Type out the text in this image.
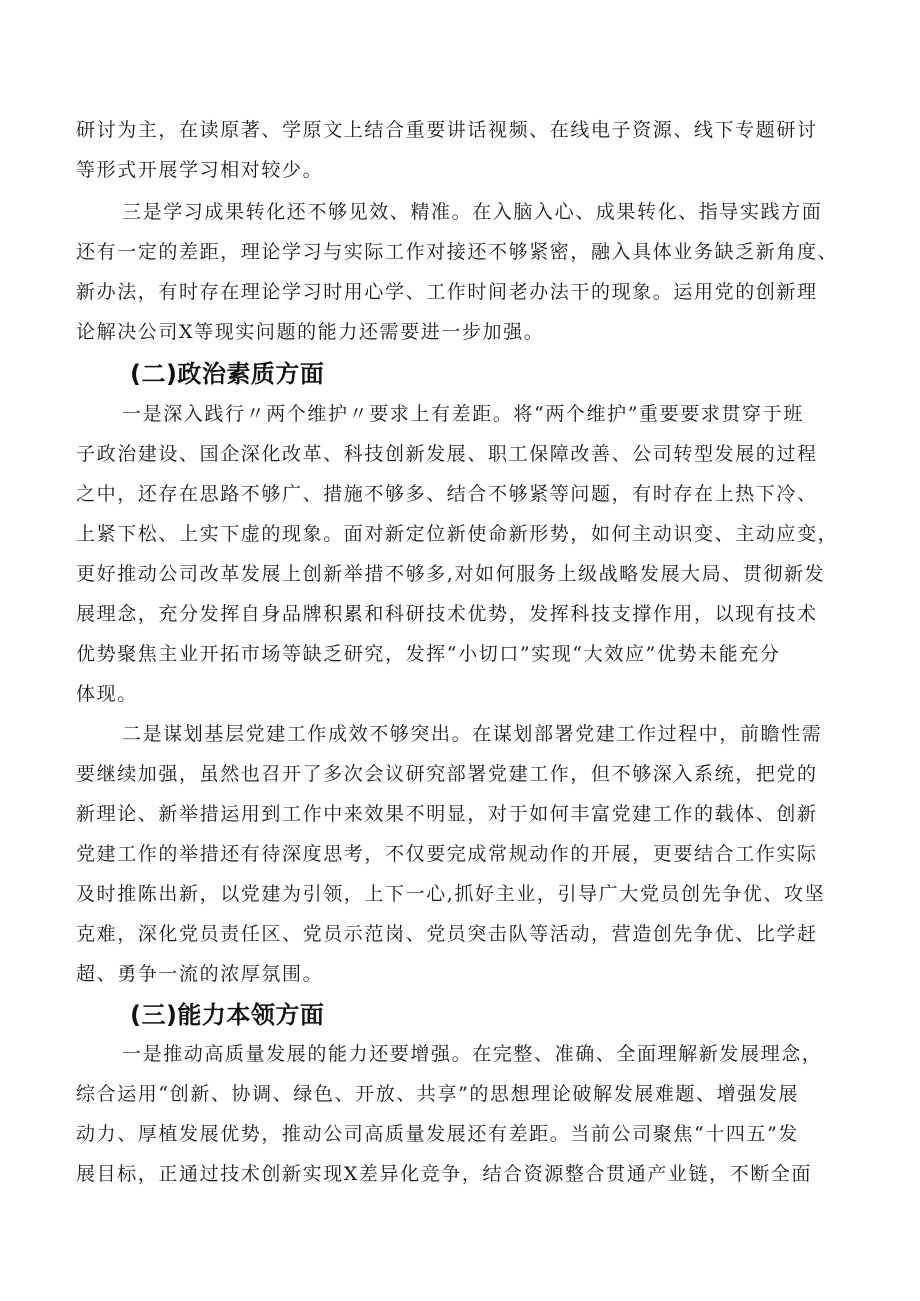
研讨为主，在读原著、学原文上结合重要讲话视频、在线电子资源、线下专题研讨

等形式开展学习相对较少。

三是学习成果转化还不够见效、精准。在入脑入心、成果转化、指导实践方面

还有一定的差距，理论学习与实际工作对接还不够紧密，融入具体业务缺乏新角度、

新办法，有时存在理论学习时用心学、工作时间老办法干的现象。运用党的创新理

论解决公司X等现实问题的能力还需要进一步加强。

(二)政治素质方面

一是深入践行〃两个维护〃要求上有差距。将“两个维护”重要要求贯穿于班

子政治建设、国企深化改革、科技创新发展、职工保障改善、公司转型发展的过程

之中，还存在思路不够广、措施不够多、结合不够紧等问题，有时存在上热下冷、

上紧下松、上实下虚的现象。面对新定位新使命新形势，如何主动识变、主动应变，

更好推动公司改革发展上创新举措不够多,对如何服务上级战略发展大局、贯彻新发

展理念，充分发挥自身品牌积累和科研技术优势，发挥科技支撑作用，以现有技术

优势聚焦主业开拓市场等缺乏研究，发挥“小切口”实现“大效应”优势未能充分

体现。

二是谋划基层党建工作成效不够突出。在谋划部署党建工作过程中，前瞻性需

要继续加强，虽然也召开了多次会议研究部署党建工作，但不够深入系统，把党的

新理论、新举措运用到工作中来效果不明显，对于如何丰富党建工作的载体、创新

党建工作的举措还有待深度思考，不仅要完成常规动作的开展，更要结合工作实际

及时推陈出新，以党建为引领，上下一心,抓好主业，引导广大党员创先争优、攻坚

克难，深化党员责任区、党员示范岗、党员突击队等活动，营造创先争优、比学赶

超、勇争一流的浓厚氛围。

(三)能力本领方面

一是推动高质量发展的能力还要增强。在完整、准确、全面理解新发展理念，

综合运用“创新、协调、绿色、开放、共享”的思想理论破解发展难题、增强发展

动力、厚植发展优势，推动公司高质量发展还有差距。当前公司聚焦“十四五”发

展目标，正通过技术创新实现X差异化竞争，结合资源整合贯通产业链，不断全面
